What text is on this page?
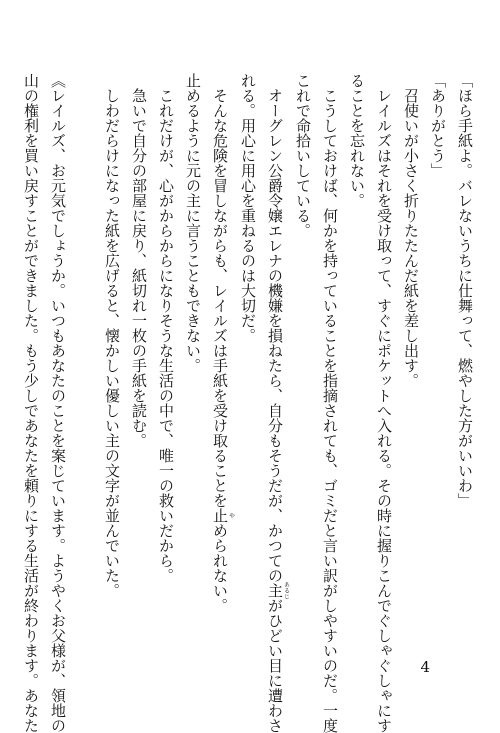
「ほら手紙よ。バレないうちに仕舞って、燃やした方がいいわ」
「ありがとう」
　召使いが小さく折りたたんだ紙を差し出す。
　レイルズはそれを受け取って、すぐにポケットへ入れる。その時に握りこんでぐしゃぐしゃにす
ることを忘れない。
　こうしておけば、何かを持っていることを指摘されても、ゴミだと言い訳がしやすいのだ。一度
これで命拾いしている。
　オーグレン公爵令嬢エレナの機嫌を損ねたら、自分もそうだが、かつての主あるじがひどい目に遭わさ
れる。用心に用心を重ねるのは大切だ。
　そんな危険を冒しながらも、レイルズは手紙を受け取ることを止やめられない。
止めるように元の主に言うこともできない。
　これだけが、心がからからになりそうな生活の中で、唯一の救いだから。
　急いで自分の部屋に戻り、紙切れ一枚の手紙を読む。
　しわだらけになった紙を広げると、懐かしい優しい主の文字が並んでいた。

《レイルズ、お元気でしょうか。いつもあなたのことを案じています。ようやくお父様が、領地の
山の権利を買い戻すことができました。もう少しであなたを頼りにする生活が終わります。あなた	4
